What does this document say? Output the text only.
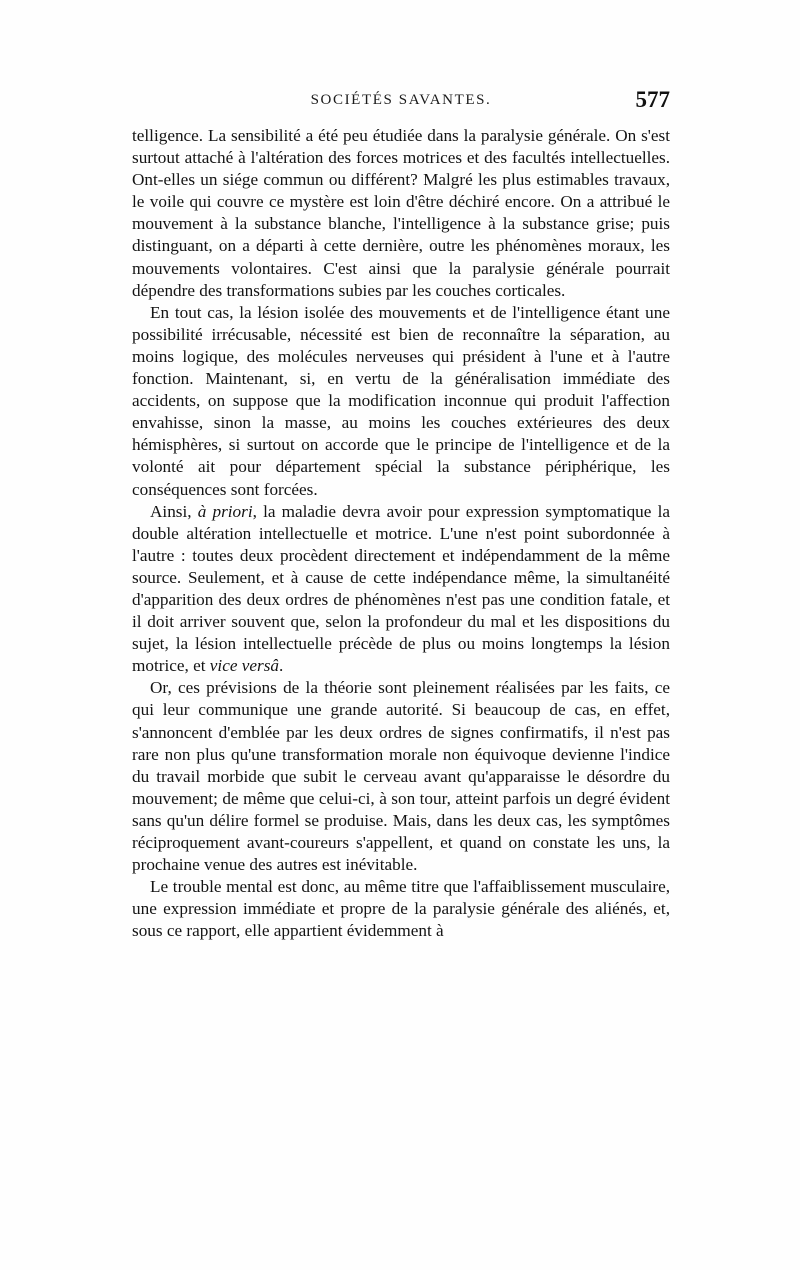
SOCIÉTÉS SAVANTES.	577

telligence. La sensibilité a été peu étudiée dans la paralysie générale. On s'est surtout attaché à l'altération des forces motrices et des facultés intellectuelles. Ont-elles un siége commun ou différent? Malgré les plus estimables travaux, le voile qui couvre ce mystère est loin d'être déchiré encore. On a attribué le mouvement à la substance blanche, l'intelligence à la substance grise; puis distinguant, on a départi à cette dernière, outre les phénomènes moraux, les mouvements volontaires. C'est ainsi que la paralysie générale pourrait dépendre des transformations subies par les couches corticales.

En tout cas, la lésion isolée des mouvements et de l'intelligence étant une possibilité irrécusable, nécessité est bien de reconnaître la séparation, au moins logique, des molécules nerveuses qui président à l'une et à l'autre fonction. Maintenant, si, en vertu de la généralisation immédiate des accidents, on suppose que la modification inconnue qui produit l'affection envahisse, sinon la masse, au moins les couches extérieures des deux hémisphères, si surtout on accorde que le principe de l'intelligence et de la volonté ait pour département spécial la substance périphérique, les conséquences sont forcées.

Ainsi, à priori, la maladie devra avoir pour expression symptomatique la double altération intellectuelle et motrice. L'une n'est point subordonnée à l'autre : toutes deux procèdent directement et indépendamment de la même source. Seulement, et à cause de cette indépendance même, la simultanéité d'apparition des deux ordres de phénomènes n'est pas une condition fatale, et il doit arriver souvent que, selon la profondeur du mal et les dispositions du sujet, la lésion intellectuelle précède de plus ou moins longtemps la lésion motrice, et vice versâ.

Or, ces prévisions de la théorie sont pleinement réalisées par les faits, ce qui leur communique une grande autorité. Si beaucoup de cas, en effet, s'annoncent d'emblée par les deux ordres de signes confirmatifs, il n'est pas rare non plus qu'une transformation morale non équivoque devienne l'indice du travail morbide que subit le cerveau avant qu'apparaisse le désordre du mouvement; de même que celui-ci, à son tour, atteint parfois un degré évident sans qu'un délire formel se produise. Mais, dans les deux cas, les symptômes réciproquement avant-coureurs s'appellent, et quand on constate les uns, la prochaine venue des autres est inévitable.

Le trouble mental est donc, au même titre que l'affaiblissement musculaire, une expression immédiate et propre de la paralysie générale des aliénés, et, sous ce rapport, elle appartient évidemment à
